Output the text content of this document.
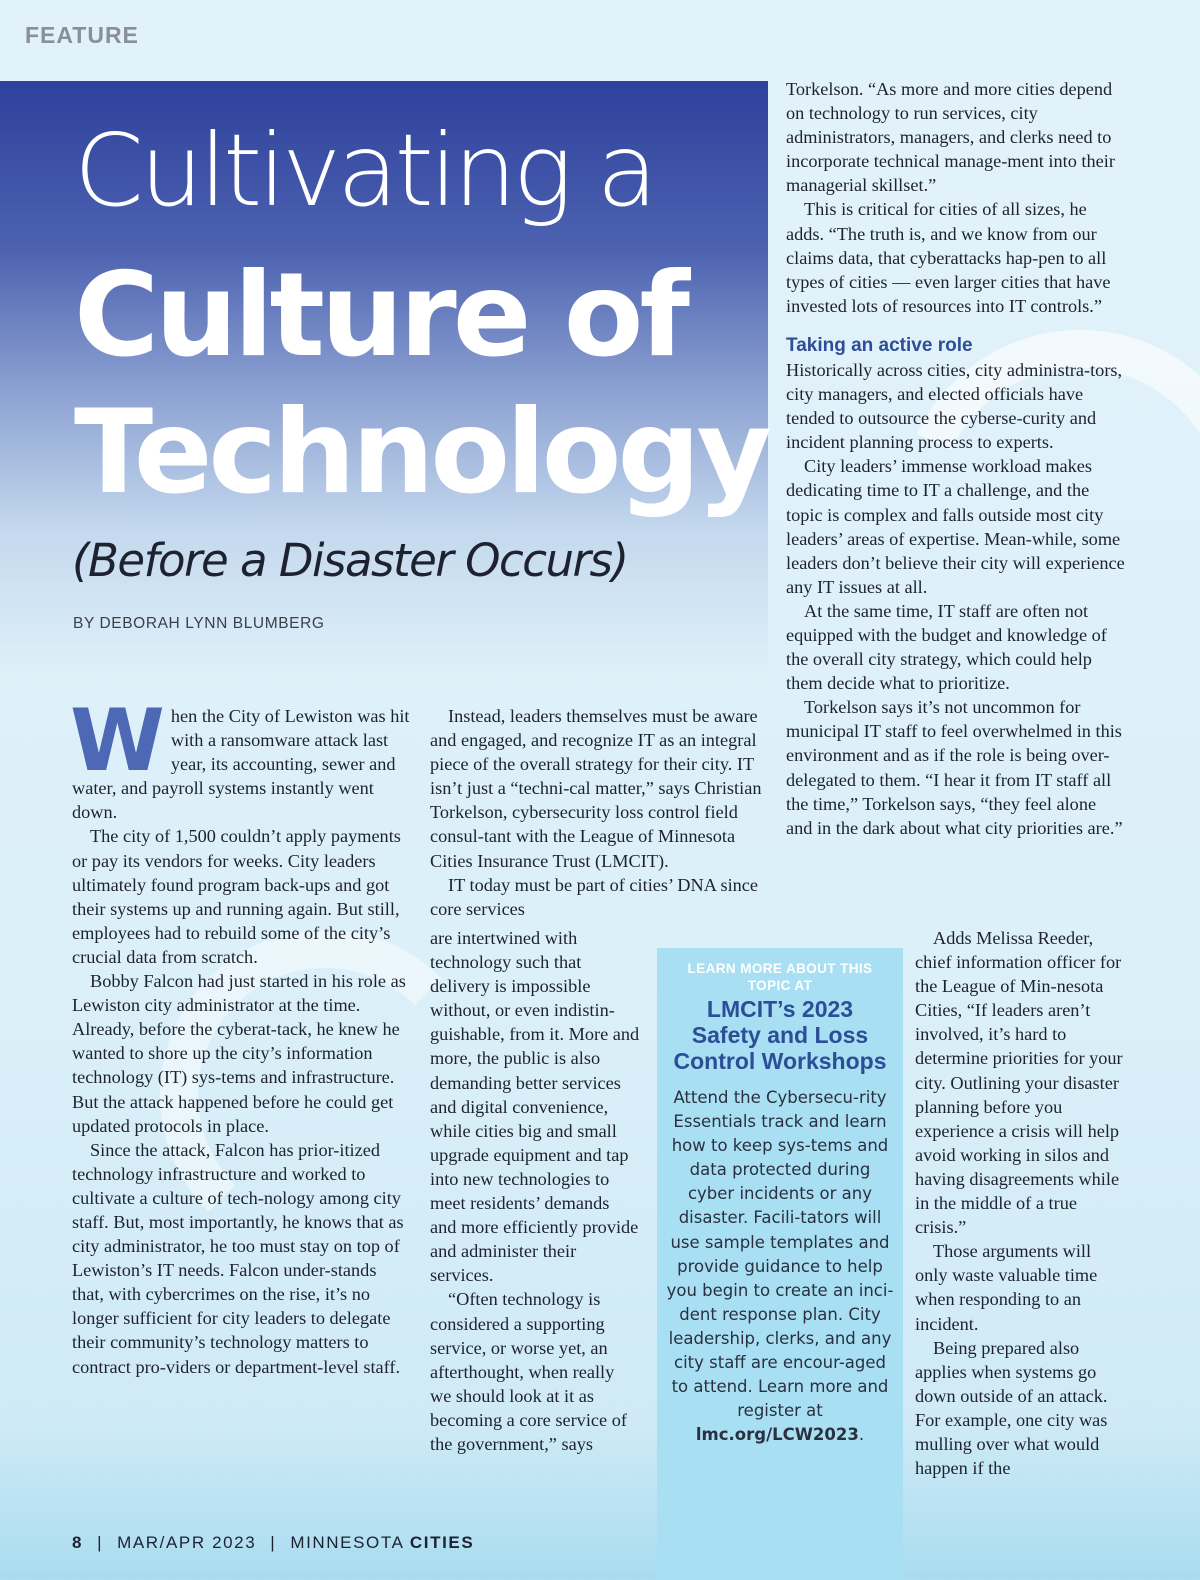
FEATURE
Cultivating a
Culture of
Technology
(Before a Disaster Occurs)
BY DEBORAH LYNN BLUMBERG

When the City of Lewiston was hit with a ransomware attack last year, its accounting, sewer and water, and payroll systems instantly went down.

The city of 1,500 couldn’t apply payments or pay its vendors for weeks. City leaders ultimately found program back-ups and got their systems up and running again. But still, employees had to rebuild some of the city’s crucial data from scratch.

Bobby Falcon had just started in his role as Lewiston city administrator at the time. Already, before the cyberat-tack, he knew he wanted to shore up the city’s information technology (IT) sys-tems and infrastructure. But the attack happened before he could get updated protocols in place.

Since the attack, Falcon has prior-itized technology infrastructure and worked to cultivate a culture of tech-nology among city staff. But, most importantly, he knows that as city administrator, he too must stay on top of Lewiston’s IT needs. Falcon under-stands that, with cybercrimes on the rise, it’s no longer sufficient for city leaders to delegate their community’s technology matters to contract pro-viders or department-level staff.

Instead, leaders themselves must be aware and engaged, and recognize IT as an integral piece of the overall strategy for their city. IT isn’t just a “techni-cal matter,” says Christian Torkelson, cybersecurity loss control field consul-tant with the League of Minnesota Cities Insurance Trust (LMCIT).

IT today must be part of cities’ DNA since core services

are intertwined with technology such that delivery is impossible without, or even indistin-guishable, from it. More and more, the public is also demanding better services and digital convenience, while cities big and small upgrade equipment and tap into new technologies to meet residents’ demands and more efficiently provide and administer their services.

“Often technology is considered a supporting service, or worse yet, an afterthought, when really we should look at it as becoming a core service of the government,” says

Torkelson. “As more and more cities depend on technology to run services, city administrators, managers, and clerks need to incorporate technical manage-ment into their managerial skillset.”

This is critical for cities of all sizes, he adds. “The truth is, and we know from our claims data, that cyberattacks hap-pen to all types of cities — even larger cities that have invested lots of resources into IT controls.”

Taking an active role

Historically across cities, city administra-tors, city managers, and elected officials have tended to outsource the cyberse-curity and incident planning process to experts.

City leaders’ immense workload makes dedicating time to IT a challenge, and the topic is complex and falls outside most city leaders’ areas of expertise. Mean-while, some leaders don’t believe their city will experience any IT issues at all.

At the same time, IT staff are often not equipped with the budget and knowledge of the overall city strategy, which could help them decide what to prioritize.

Torkelson says it’s not uncommon for municipal IT staff to feel overwhelmed in this environment and as if the role is being over-delegated to them. “I hear it from IT staff all the time,” Torkelson says, “they feel alone and in the dark about what city priorities are.”

Adds Melissa Reeder, chief information officer for the League of Min-nesota Cities, “If leaders aren’t involved, it’s hard to determine priorities for your city. Outlining your disaster planning before you experience a crisis will help avoid working in silos and having disagreements while in the middle of a true crisis.”

Those arguments will only waste valuable time when responding to an incident.

Being prepared also applies when systems go down outside of an attack. For example, one city was mulling over what would happen if the

LEARN MORE ABOUT THIS TOPIC AT
LMCIT’s 2023 Safety and Loss Control Workshops
Attend the Cybersecu-rity Essentials track and learn how to keep sys-tems and data protected during cyber incidents or any disaster. Facili-tators will use sample templates and provide guidance to help you begin to create an inci-dent response plan. City leadership, clerks, and any city staff are encour-aged to attend. Learn more and register at lmc.org/LCW2023.
8 | MAR/APR 2023 | MINNESOTA CITIES
